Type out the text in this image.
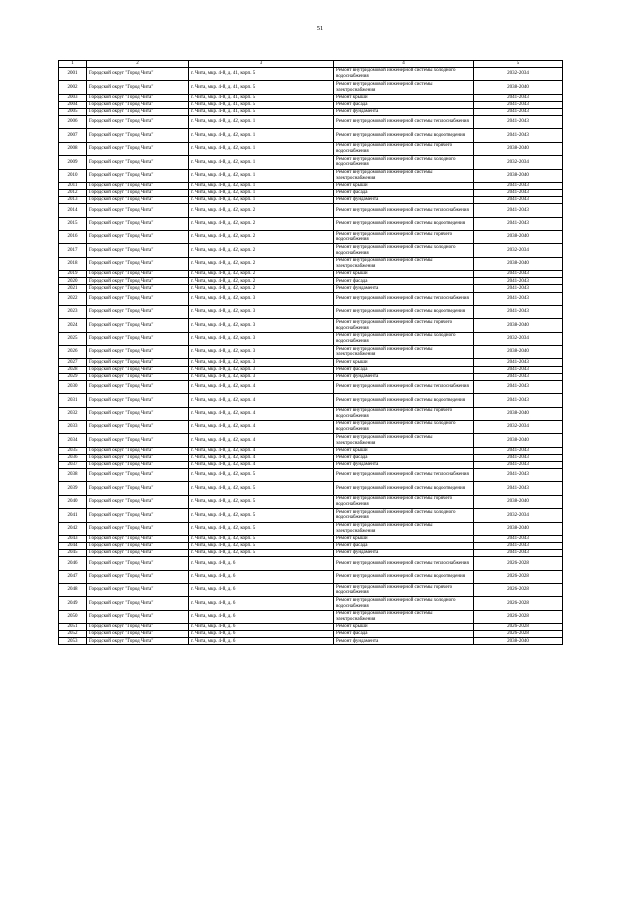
51
1	2	3	4	5
2001	Городской округ "Город Чита"	г. Чита, мкр. 4-й, д. 41, корп. 5	Ремонт внутридомовой инженерной системы холодного водоснабжения	2032-2034
2002	Городской округ "Город Чита"	г. Чита, мкр. 4-й, д. 41, корп. 5	Ремонт внутридомовой инженерной системы электроснабжения	2038-2040
2003	Городской округ "Город Чита"	г. Чита, мкр. 4-й, д. 41, корп. 5	Ремонт крыши	2041-2043
2004	Городской округ "Город Чита"	г. Чита, мкр. 4-й, д. 41, корп. 5	Ремонт фасада	2041-2043
2005	Городской округ "Город Чита"	г. Чита, мкр. 4-й, д. 41, корп. 5	Ремонт фундамента	2041-2043
2006	Городской округ "Город Чита"	г. Чита, мкр. 4-й, д. 42, корп. 1	Ремонт внутридомовой инженерной системы теплоснабжения	2041-2043
2007	Городской округ "Город Чита"	г. Чита, мкр. 4-й, д. 42, корп. 1	Ремонт внутридомовой инженерной системы водоотведения	2041-2043
2008	Городской округ "Город Чита"	г. Чита, мкр. 4-й, д. 42, корп. 1	Ремонт внутридомовой инженерной системы горячего водоснабжения	2038-2040
2009	Городской округ "Город Чита"	г. Чита, мкр. 4-й, д. 42, корп. 1	Ремонт внутридомовой инженерной системы холодного водоснабжения	2032-2034
2010	Городской округ "Город Чита"	г. Чита, мкр. 4-й, д. 42, корп. 1	Ремонт внутридомовой инженерной системы электроснабжения	2038-2040
2011	Городской округ "Город Чита"	г. Чита, мкр. 4-й, д. 42, корп. 1	Ремонт крыши	2041-2043
2012	Городской округ "Город Чита"	г. Чита, мкр. 4-й, д. 42, корп. 1	Ремонт фасада	2041-2043
2013	Городской округ "Город Чита"	г. Чита, мкр. 4-й, д. 42, корп. 1	Ремонт фундамента	2041-2043
2014	Городской округ "Город Чита"	г. Чита, мкр. 4-й, д. 42, корп. 2	Ремонт внутридомовой инженерной системы теплоснабжения	2041-2043
2015	Городской округ "Город Чита"	г. Чита, мкр. 4-й, д. 42, корп. 2	Ремонт внутридомовой инженерной системы водоотведения	2041-2043
2016	Городской округ "Город Чита"	г. Чита, мкр. 4-й, д. 42, корп. 2	Ремонт внутридомовой инженерной системы горячего водоснабжения	2038-2040
2017	Городской округ "Город Чита"	г. Чита, мкр. 4-й, д. 42, корп. 2	Ремонт внутридомовой инженерной системы холодного водоснабжения	2032-2034
2018	Городской округ "Город Чита"	г. Чита, мкр. 4-й, д. 42, корп. 2	Ремонт внутридомовой инженерной системы электроснабжения	2038-2040
2019	Городской округ "Город Чита"	г. Чита, мкр. 4-й, д. 42, корп. 2	Ремонт крыши	2041-2043
2020	Городской округ "Город Чита"	г. Чита, мкр. 4-й, д. 42, корп. 2	Ремонт фасада	2041-2043
2021	Городской округ "Город Чита"	г. Чита, мкр. 4-й, д. 42, корп. 2	Ремонт фундамента	2041-2043
2022	Городской округ "Город Чита"	г. Чита, мкр. 4-й, д. 42, корп. 3	Ремонт внутридомовой инженерной системы теплоснабжения	2041-2043
2023	Городской округ "Город Чита"	г. Чита, мкр. 4-й, д. 42, корп. 3	Ремонт внутридомовой инженерной системы водоотведения	2041-2043
2024	Городской округ "Город Чита"	г. Чита, мкр. 4-й, д. 42, корп. 3	Ремонт внутридомовой инженерной системы горячего водоснабжения	2038-2040
2025	Городской округ "Город Чита"	г. Чита, мкр. 4-й, д. 42, корп. 3	Ремонт внутридомовой инженерной системы холодного водоснабжения	2032-2034
2026	Городской округ "Город Чита"	г. Чита, мкр. 4-й, д. 42, корп. 3	Ремонт внутридомовой инженерной системы электроснабжения	2038-2040
2027	Городской округ "Город Чита"	г. Чита, мкр. 4-й, д. 42, корп. 3	Ремонт крыши	2041-2043
2028	Городской округ "Город Чита"	г. Чита, мкр. 4-й, д. 42, корп. 3	Ремонт фасада	2041-2043
2029	Городской округ "Город Чита"	г. Чита, мкр. 4-й, д. 42, корп. 3	Ремонт фундамента	2041-2043
2030	Городской округ "Город Чита"	г. Чита, мкр. 4-й, д. 42, корп. 4	Ремонт внутридомовой инженерной системы теплоснабжения	2041-2043
2031	Городской округ "Город Чита"	г. Чита, мкр. 4-й, д. 42, корп. 4	Ремонт внутридомовой инженерной системы водоотведения	2041-2043
2032	Городской округ "Город Чита"	г. Чита, мкр. 4-й, д. 42, корп. 4	Ремонт внутридомовой инженерной системы горячего водоснабжения	2038-2040
2033	Городской округ "Город Чита"	г. Чита, мкр. 4-й, д. 42, корп. 4	Ремонт внутридомовой инженерной системы холодного водоснабжения	2032-2034
2034	Городской округ "Город Чита"	г. Чита, мкр. 4-й, д. 42, корп. 4	Ремонт внутридомовой инженерной системы электроснабжения	2038-2040
2035	Городской округ "Город Чита"	г. Чита, мкр. 4-й, д. 42, корп. 4	Ремонт крыши	2041-2043
2036	Городской округ "Город Чита"	г. Чита, мкр. 4-й, д. 42, корп. 4	Ремонт фасада	2041-2043
2037	Городской округ "Город Чита"	г. Чита, мкр. 4-й, д. 42, корп. 4	Ремонт фундамента	2041-2043
2038	Городской округ "Город Чита"	г. Чита, мкр. 4-й, д. 42, корп. 5	Ремонт внутридомовой инженерной системы теплоснабжения	2041-2043
2039	Городской округ "Город Чита"	г. Чита, мкр. 4-й, д. 42, корп. 5	Ремонт внутридомовой инженерной системы водоотведения	2041-2043
2040	Городской округ "Город Чита"	г. Чита, мкр. 4-й, д. 42, корп. 5	Ремонт внутридомовой инженерной системы горячего водоснабжения	2038-2040
2041	Городской округ "Город Чита"	г. Чита, мкр. 4-й, д. 42, корп. 5	Ремонт внутридомовой инженерной системы холодного водоснабжения	2032-2034
2042	Городской округ "Город Чита"	г. Чита, мкр. 4-й, д. 42, корп. 5	Ремонт внутридомовой инженерной системы электроснабжения	2038-2040
2043	Городской округ "Город Чита"	г. Чита, мкр. 4-й, д. 42, корп. 5	Ремонт крыши	2041-2043
2044	Городской округ "Город Чита"	г. Чита, мкр. 4-й, д. 42, корп. 5	Ремонт фасада	2041-2043
2045	Городской округ "Город Чита"	г. Чита, мкр. 4-й, д. 42, корп. 5	Ремонт фундамента	2041-2043
2046	Городской округ "Город Чита"	г. Чита, мкр. 4-й, д. 6	Ремонт внутридомовой инженерной системы теплоснабжения	2026-2028
2047	Городской округ "Город Чита"	г. Чита, мкр. 4-й, д. 6	Ремонт внутридомовой инженерной системы водоотведения	2026-2028
2048	Городской округ "Город Чита"	г. Чита, мкр. 4-й, д. 6	Ремонт внутридомовой инженерной системы горячего водоснабжения	2026-2028
2049	Городской округ "Город Чита"	г. Чита, мкр. 4-й, д. 6	Ремонт внутридомовой инженерной системы холодного водоснабжения	2026-2028
2050	Городской округ "Город Чита"	г. Чита, мкр. 4-й, д. 6	Ремонт внутридомовой инженерной системы электроснабжения	2026-2028
2051	Городской округ "Город Чита"	г. Чита, мкр. 4-й, д. 6	Ремонт крыши	2026-2028
2052	Городской округ "Город Чита"	г. Чита, мкр. 4-й, д. 6	Ремонт фасада	2026-2028
2053	Городской округ "Город Чита"	г. Чита, мкр. 4-й, д. 6	Ремонт фундамента	2038-2040
